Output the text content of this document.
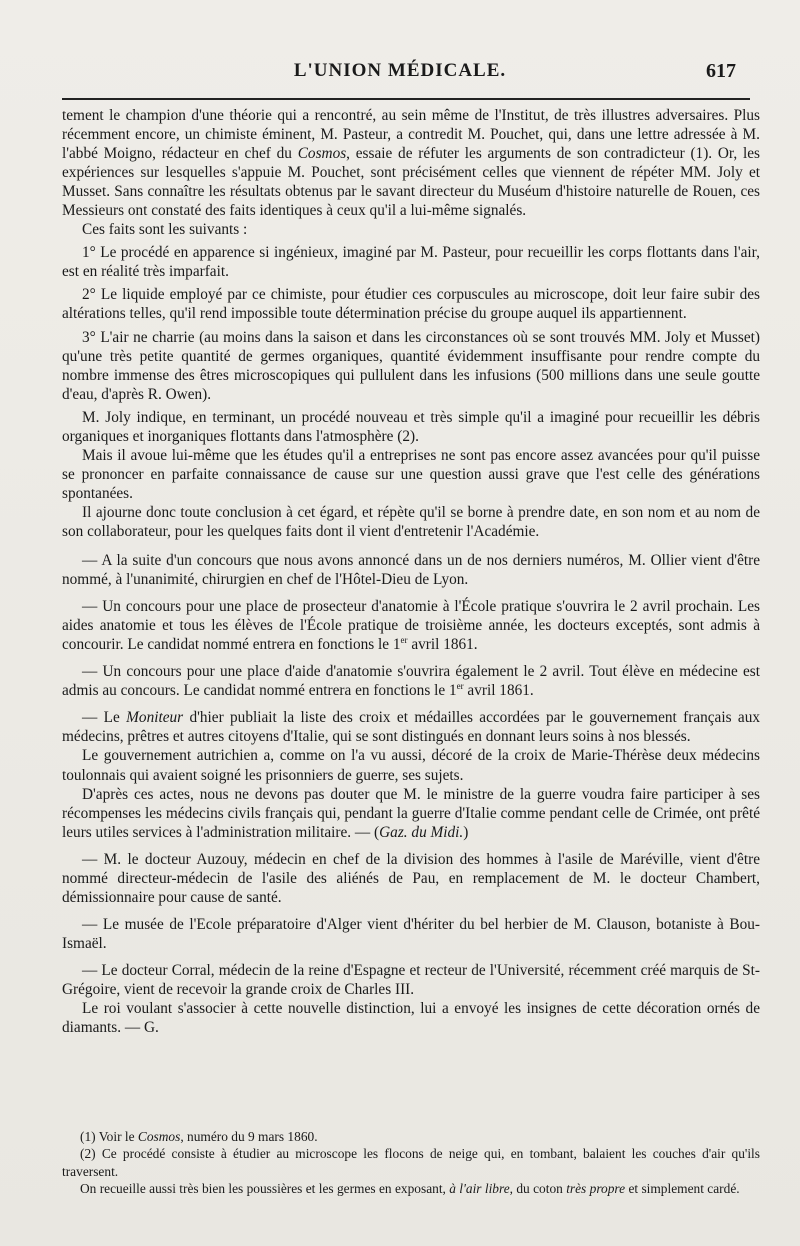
L'UNION MÉDICALE.	617

tement le champion d'une théorie qui a rencontré, au sein même de l'Institut, de très illustres adversaires. Plus récemment encore, un chimiste éminent, M. Pasteur, a contredit M. Pouchet, qui, dans une lettre adressée à M. l'abbé Moigno, rédacteur en chef du Cosmos, essaie de réfuter les arguments de son contradicteur (1). Or, les expériences sur lesquelles s'appuie M. Pouchet, sont précisément celles que viennent de répéter MM. Joly et Musset. Sans connaître les résultats obtenus par le savant directeur du Muséum d'histoire naturelle de Rouen, ces Messieurs ont constaté des faits identiques à ceux qu'il a lui-même signalés.

Ces faits sont les suivants :

1° Le procédé en apparence si ingénieux, imaginé par M. Pasteur, pour recueillir les corps flottants dans l'air, est en réalité très imparfait.

2° Le liquide employé par ce chimiste, pour étudier ces corpuscules au microscope, doit leur faire subir des altérations telles, qu'il rend impossible toute détermination précise du groupe auquel ils appartiennent.

3° L'air ne charrie (au moins dans la saison et dans les circonstances où se sont trouvés MM. Joly et Musset) qu'une très petite quantité de germes organiques, quantité évidemment insuffisante pour rendre compte du nombre immense des êtres microscopiques qui pullulent dans les infusions (500 millions dans une seule goutte d'eau, d'après R. Owen).

M. Joly indique, en terminant, un procédé nouveau et très simple qu'il a imaginé pour recueillir les débris organiques et inorganiques flottants dans l'atmosphère (2).

Mais il avoue lui-même que les études qu'il a entreprises ne sont pas encore assez avancées pour qu'il puisse se prononcer en parfaite connaissance de cause sur une question aussi grave que l'est celle des générations spontanées.

Il ajourne donc toute conclusion à cet égard, et répète qu'il se borne à prendre date, en son nom et au nom de son collaborateur, pour les quelques faits dont il vient d'entretenir l'Académie.

— A la suite d'un concours que nous avons annoncé dans un de nos derniers numéros, M. Ollier vient d'être nommé, à l'unanimité, chirurgien en chef de l'Hôtel-Dieu de Lyon.

— Un concours pour une place de prosecteur d'anatomie à l'École pratique s'ouvrira le 2 avril prochain. Les aides anatomie et tous les élèves de l'École pratique de troisième année, les docteurs exceptés, sont admis à concourir. Le candidat nommé entrera en fonctions le 1er avril 1861.

— Un concours pour une place d'aide d'anatomie s'ouvrira également le 2 avril. Tout élève en médecine est admis au concours. Le candidat nommé entrera en fonctions le 1er avril 1861.

— Le Moniteur d'hier publiait la liste des croix et médailles accordées par le gouvernement français aux médecins, prêtres et autres citoyens d'Italie, qui se sont distingués en donnant leurs soins à nos blessés.

Le gouvernement autrichien a, comme on l'a vu aussi, décoré de la croix de Marie-Thérèse deux médecins toulonnais qui avaient soigné les prisonniers de guerre, ses sujets.

D'après ces actes, nous ne devons pas douter que M. le ministre de la guerre voudra faire participer à ses récompenses les médecins civils français qui, pendant la guerre d'Italie comme pendant celle de Crimée, ont prêté leurs utiles services à l'administration militaire. — (Gaz. du Midi.)

— M. le docteur Auzouy, médecin en chef de la division des hommes à l'asile de Maréville, vient d'être nommé directeur-médecin de l'asile des aliénés de Pau, en remplacement de M. le docteur Chambert, démissionnaire pour cause de santé.

— Le musée de l'Ecole préparatoire d'Alger vient d'hériter du bel herbier de M. Clauson, botaniste à Bou-Ismaël.

— Le docteur Corral, médecin de la reine d'Espagne et recteur de l'Université, récemment créé marquis de St-Grégoire, vient de recevoir la grande croix de Charles III.

Le roi voulant s'associer à cette nouvelle distinction, lui a envoyé les insignes de cette décoration ornés de diamants. — G.

(1) Voir le Cosmos, numéro du 9 mars 1860.

(2) Ce procédé consiste à étudier au microscope les flocons de neige qui, en tombant, balaient les couches d'air qu'ils traversent.

On recueille aussi très bien les poussières et les germes en exposant, à l'air libre, du coton très propre et simplement cardé.
